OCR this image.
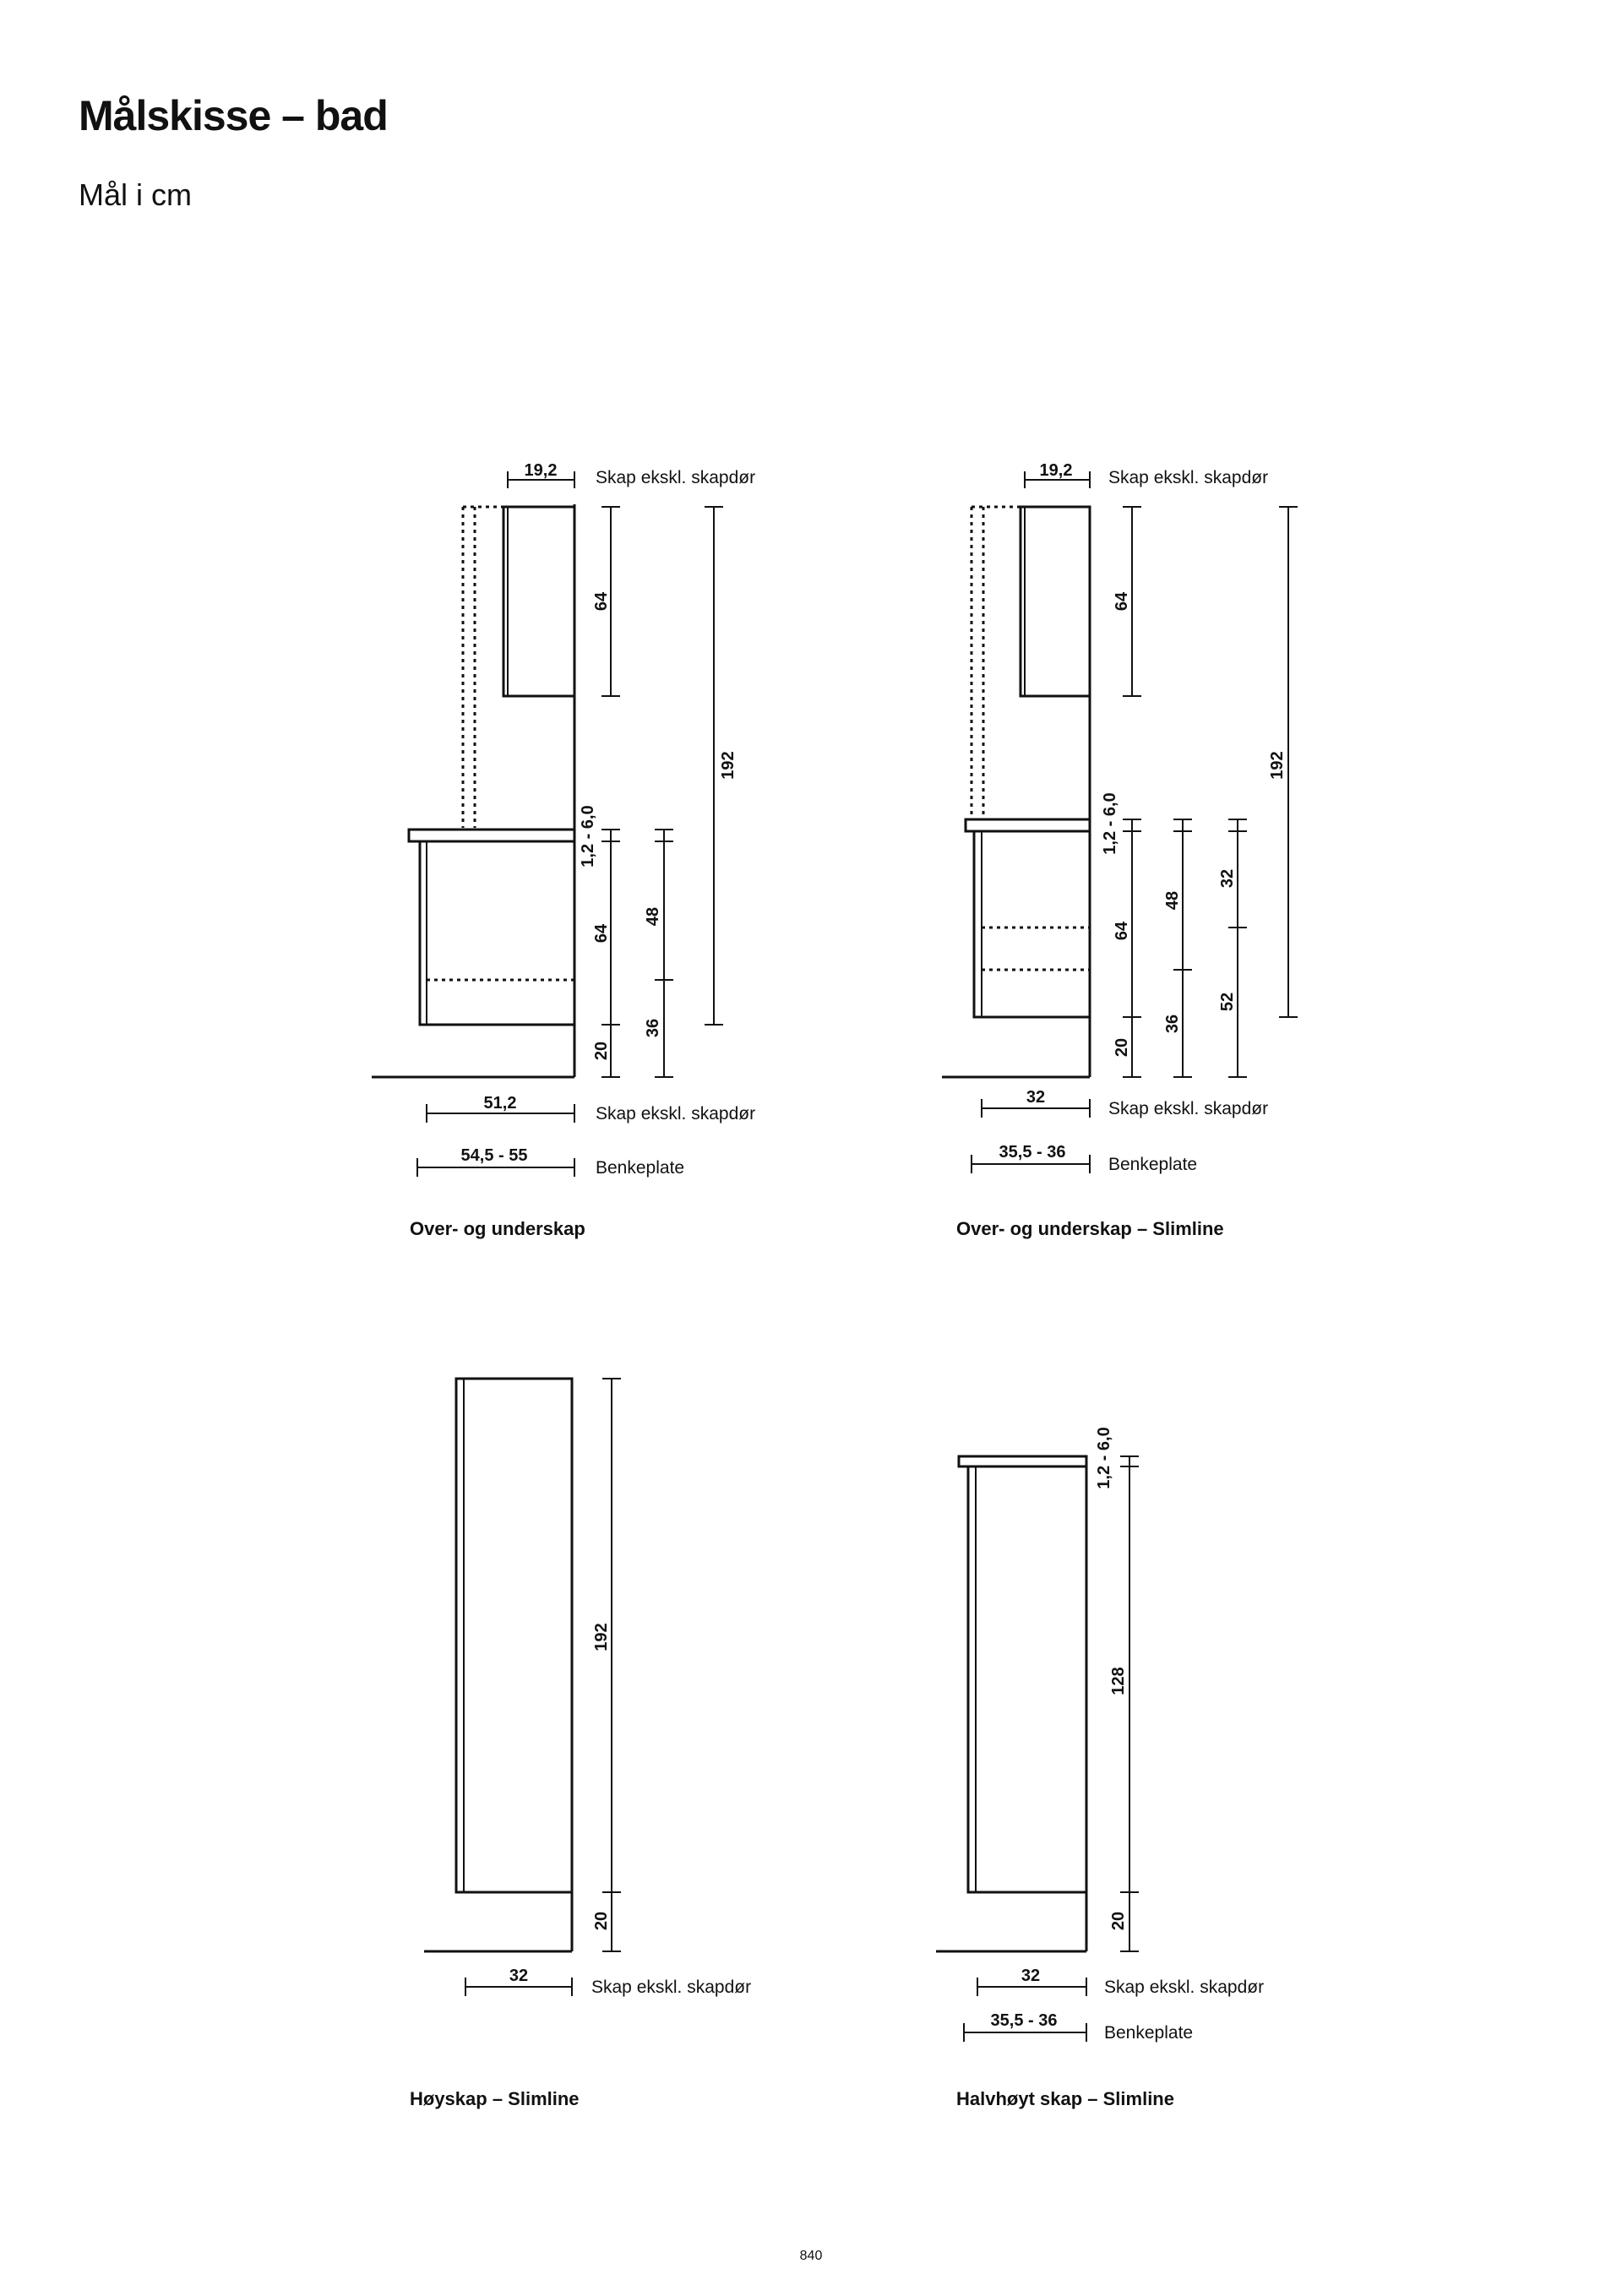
Målskisse – bad

Mål i cm

19,2 Skap ekskl. skapdør
64
1,2 - 6,0
64
20
48
36
192
51,2
Skap ekskl. skapdør
54,5 - 55
Benkeplate
Over- og underskap
19,2 Skap ekskl. skapdør
64
1,2 - 6,0
64
20
48
36
32
52
192
32
Skap ekskl. skapdør
35,5 - 36
Benkeplate
Over- og underskap – Slimline
192
20
32
Skap ekskl. skapdør
Høyskap – Slimline
1,2 - 6,0
128
20
32
Skap ekskl. skapdør
35,5 - 36
Benkeplate
Halvhøyt skap – Slimline
840
